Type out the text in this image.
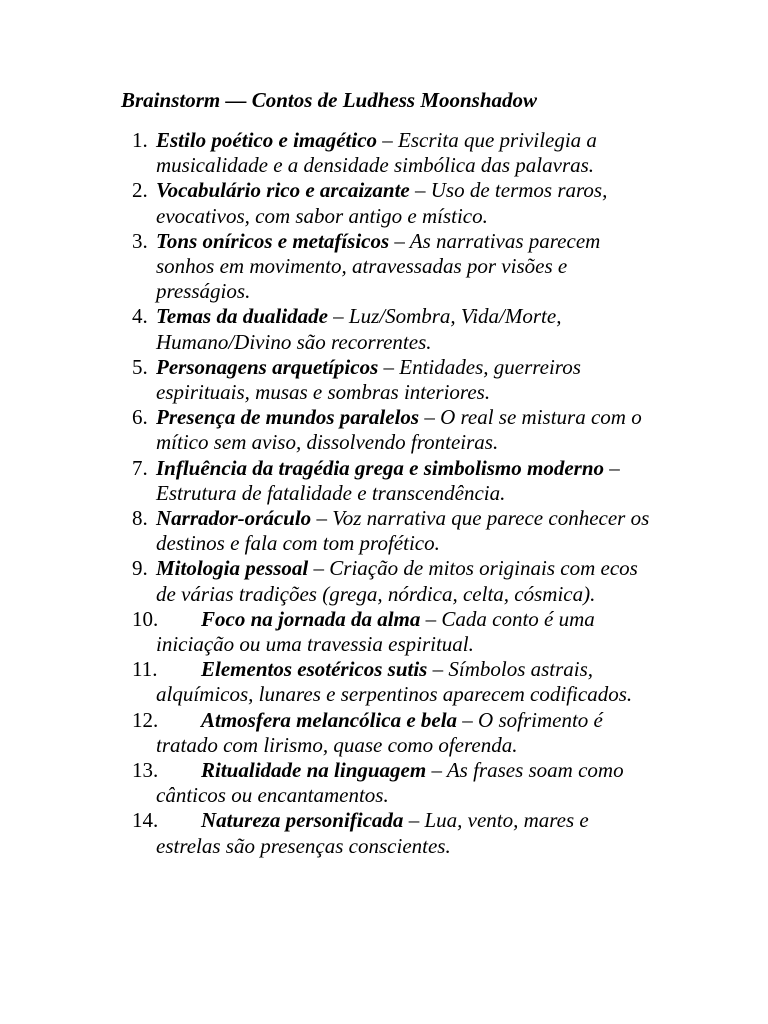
Brainstorm — Contos de Ludhess Moonshadow
1. Estilo poético e imagético – Escrita que privilegia a musicalidade e a densidade simbólica das palavras.
2. Vocabulário rico e arcaizante – Uso de termos raros, evocativos, com sabor antigo e místico.
3. Tons oníricos e metafísicos – As narrativas parecem sonhos em movimento, atravessadas por visões e presságios.
4. Temas da dualidade – Luz/Sombra, Vida/Morte, Humano/Divino são recorrentes.
5. Personagens arquetípicos – Entidades, guerreiros espirituais, musas e sombras interiores.
6. Presença de mundos paralelos – O real se mistura com o mítico sem aviso, dissolvendo fronteiras.
7. Influência da tragédia grega e simbolismo moderno – Estrutura de fatalidade e transcendência.
8. Narrador-oráculo – Voz narrativa que parece conhecer os destinos e fala com tom profético.
9. Mitologia pessoal – Criação de mitos originais com ecos de várias tradições (grega, nórdica, celta, cósmica).
10. Foco na jornada da alma – Cada conto é uma iniciação ou uma travessia espiritual.
11. Elementos esotéricos sutis – Símbolos astrais, alquímicos, lunares e serpentinos aparecem codificados.
12. Atmosfera melancólica e bela – O sofrimento é tratado com lirismo, quase como oferenda.
13. Ritualidade na linguagem – As frases soam como cânticos ou encantamentos.
14. Natureza personificada – Lua, vento, mares e estrelas são presenças conscientes.
